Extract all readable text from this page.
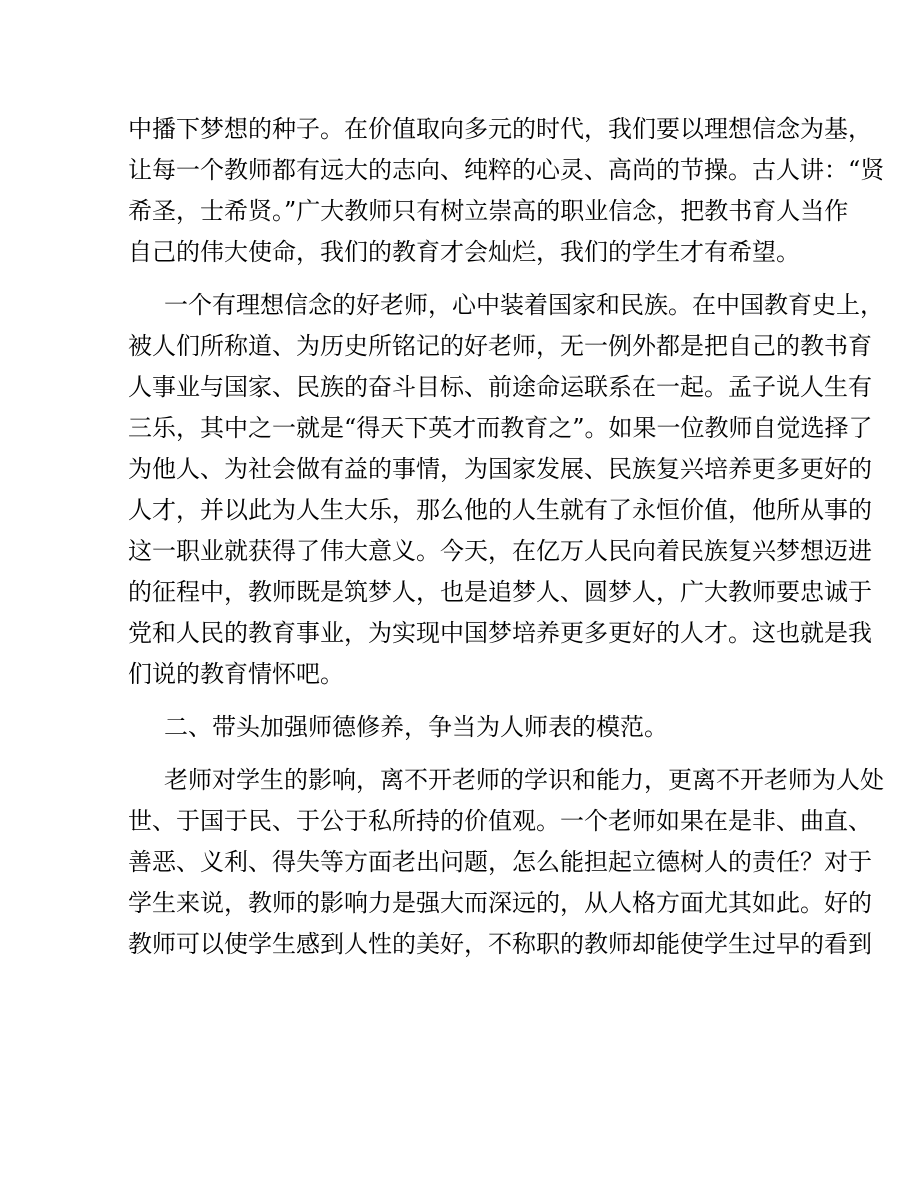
中播下梦想的种子。在价值取向多元的时代，我们要以理想信念为基，
让每一个教师都有远大的志向、纯粹的心灵、高尚的节操。古人讲：“贤
希圣，士希贤。”广大教师只有树立崇高的职业信念，把教书育人当作
自己的伟大使命，我们的教育才会灿烂，我们的学生才有希望。
一个有理想信念的好老师，心中装着国家和民族。在中国教育史上，
被人们所称道、为历史所铭记的好老师，无一例外都是把自己的教书育
人事业与国家、民族的奋斗目标、前途命运联系在一起。孟子说人生有
三乐，其中之一就是“得天下英才而教育之”。如果一位教师自觉选择了
为他人、为社会做有益的事情，为国家发展、民族复兴培养更多更好的
人才，并以此为人生大乐，那么他的人生就有了永恒价值，他所从事的
这一职业就获得了伟大意义。今天，在亿万人民向着民族复兴梦想迈进
的征程中，教师既是筑梦人，也是追梦人、圆梦人，广大教师要忠诚于
党和人民的教育事业，为实现中国梦培养更多更好的人才。这也就是我
们说的教育情怀吧。
二、带头加强师德修养，争当为人师表的模范。
老师对学生的影响，离不开老师的学识和能力，更离不开老师为人处
世、于国于民、于公于私所持的价值观。一个老师如果在是非、曲直、
善恶、义利、得失等方面老出问题，怎么能担起立德树人的责任？对于
学生来说，教师的影响力是强大而深远的，从人格方面尤其如此。好的
教师可以使学生感到人性的美好，不称职的教师却能使学生过早的看到
